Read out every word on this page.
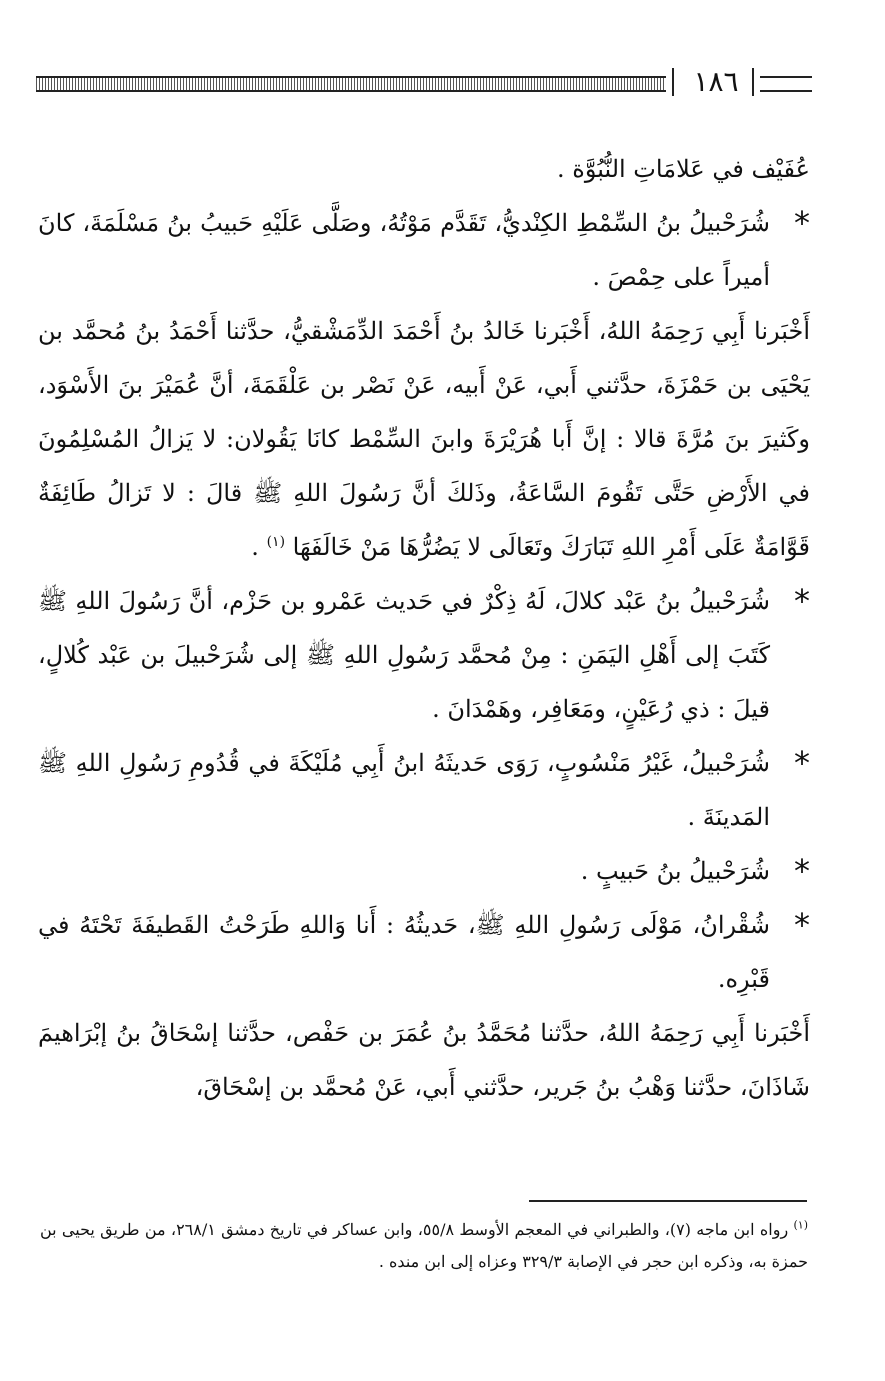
١٨٦

عُفَيْف في عَلامَاتِ النُّبُوَّة .

*
شُرَحْبيلُ بنُ السِّمْطِ الكِنْديُّ، تَقَدَّم مَوْتُهُ، وصَلَّى عَلَيْهِ حَبيبُ بنُ مَسْلَمَةَ، كانَ أميراً على حِمْصَ .

أَخْبَرنا أَبِي رَحِمَهُ اللهُ، أَخْبَرنا خَالدُ بنُ أَحْمَدَ الدِّمَشْقيُّ، حدَّثنا أَحْمَدُ بنُ مُحمَّد بن يَحْيَى بن حَمْزَةَ، حدَّثني أَبي، عَنْ أَبيه، عَنْ نَصْر بن عَلْقَمَةَ، أنَّ عُمَيْرَ بنَ الأَسْوَد، وكَثيرَ بنَ مُرَّةَ قالا : إنَّ أَبا هُرَيْرَةَ وابنَ السِّمْط كانَا يَقُولان: لا يَزالُ المُسْلِمُونَ في الأَرْضِ حَتَّى تَقُومَ السَّاعَةُ، وذَلكَ أنَّ رَسُولَ اللهِ ﷺ قالَ : لا تَزالُ طَائِفَةٌ قَوَّامَةٌ عَلَى أَمْرِ اللهِ تَبَارَكَ وتَعَالَى لا يَضُرُّهَا مَنْ خَالَفَهَا $^{(١)}$ .

*
شُرَحْبيلُ بنُ عَبْد كلالَ، لَهُ ذِكْرٌ في حَديث عَمْرو بن حَزْم، أنَّ رَسُولَ اللهِ ﷺ كَتَبَ إلى أَهْلِ اليَمَنِ : مِنْ مُحمَّد رَسُولِ اللهِ ﷺ إلى شُرَحْبيلَ بن عَبْد كُلالٍ، قيلَ : ذي رُعَيْنٍ، ومَعَافِر، وهَمْدَانَ .
*
شُرَحْبيلُ، غَيْرُ مَنْسُوبٍ، رَوَى حَديثَهُ ابنُ أَبِي مُلَيْكَةَ في قُدُومِ رَسُولِ اللهِ ﷺ المَدينَةَ .
*
شُرَحْبيلُ بنُ حَبيبٍ .
*
شُقْرانُ، مَوْلَى رَسُولِ اللهِ ﷺ، حَديثُهُ : أَنا وَاللهِ طَرَحْتُ القَطيفَةَ تَحْتَهُ في قَبْرِه.

أَخْبَرنا أَبِي رَحِمَهُ اللهُ، حدَّثنا مُحَمَّدُ بنُ عُمَرَ بن حَفْص، حدَّثنا إسْحَاقُ بنُ إبْرَاهيمَ شَاذَانَ، حدَّثنا وَهْبُ بنُ جَرير، حدَّثني أَبي، عَنْ مُحمَّد بن إسْحَاقَ،

$^{(١)}$ رواه ابن ماجه (٧)، والطبراني في المعجم الأوسط ٥٥/٨، وابن عساكر في تاريخ دمشق ٢٦٨/١، من طريق يحيى بن حمزة به، وذكره ابن حجر في الإصابة ٣٢٩/٣ وعزاه إلى ابن منده .
